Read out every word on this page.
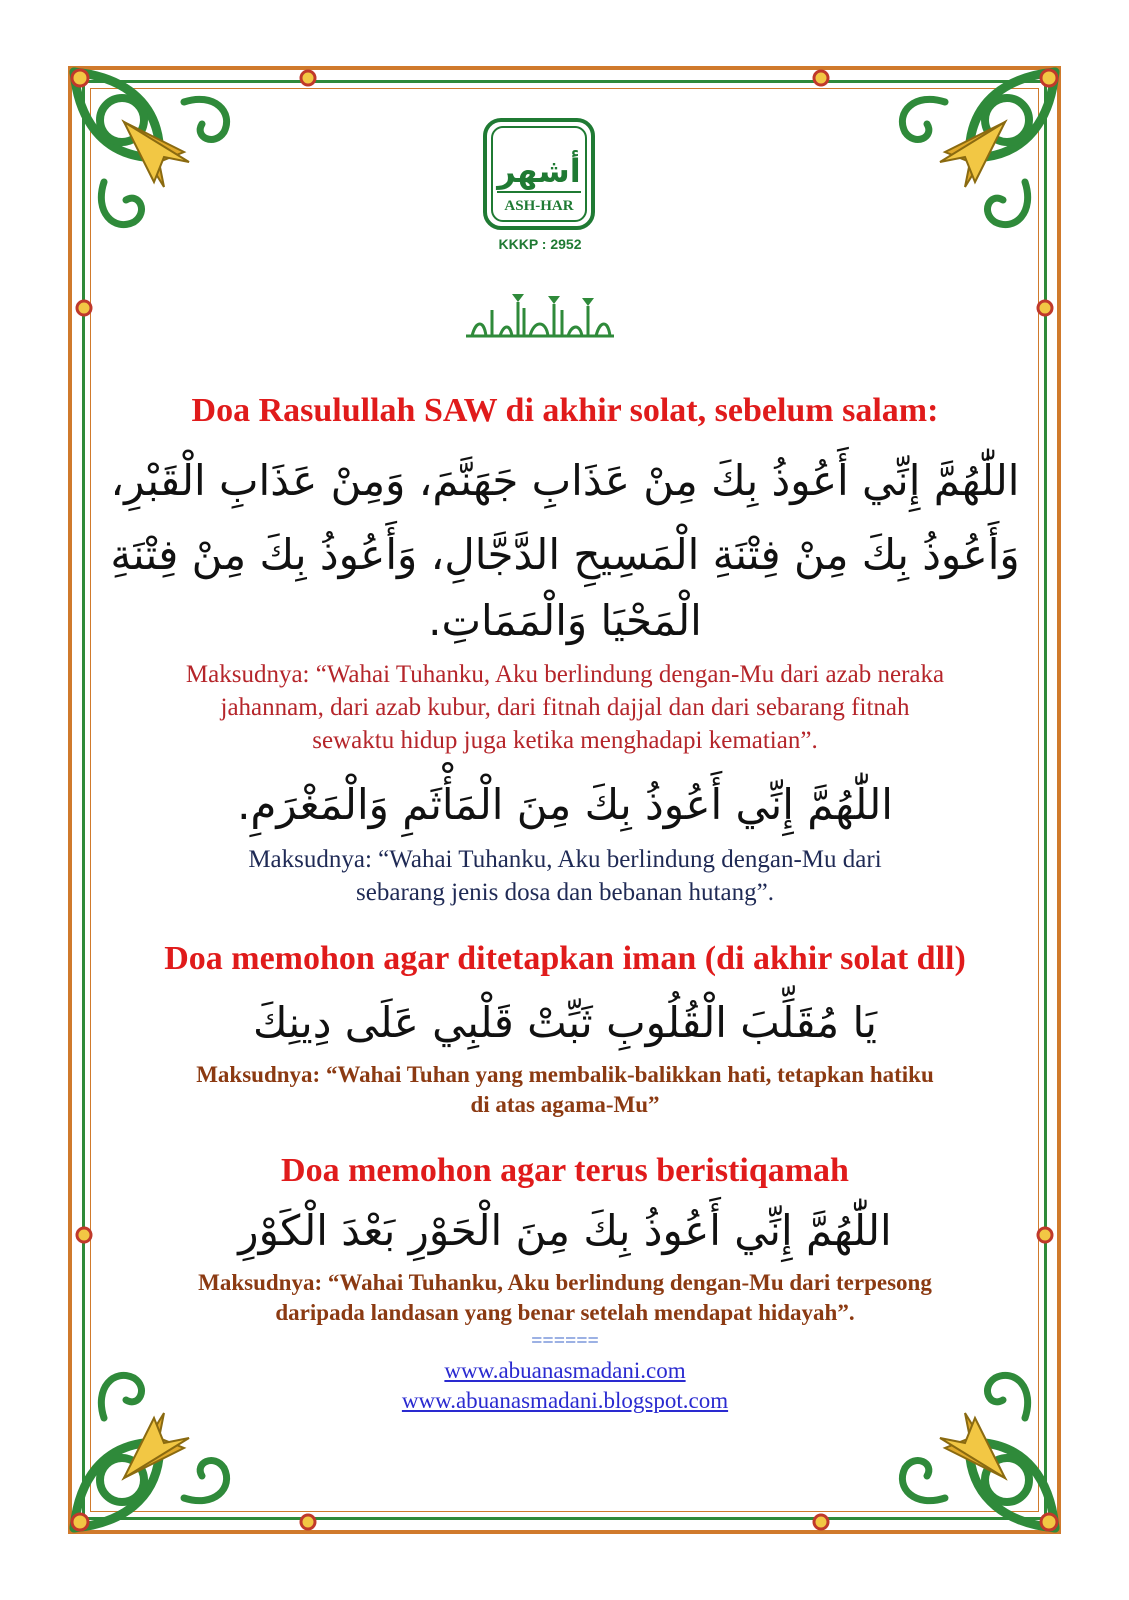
أشهر
ASH-HAR
KKKP : 2952
Doa Rasulullah SAW di akhir solat, sebelum salam:
اللّٰهُمَّ إِنِّي أَعُوذُ بِكَ مِنْ عَذَابِ جَهَنَّمَ، وَمِنْ عَذَابِ الْقَبْرِ،
وَأَعُوذُ بِكَ مِنْ فِتْنَةِ الْمَسِيحِ الدَّجَّالِ، وَأَعُوذُ بِكَ مِنْ فِتْنَةِ
الْمَحْيَا وَالْمَمَاتِ.
Maksudnya: “Wahai Tuhanku, Aku berlindung dengan-Mu dari azab neraka
jahannam, dari azab kubur, dari fitnah dajjal dan dari sebarang fitnah
sewaktu hidup juga ketika menghadapi kematian”.
اللّٰهُمَّ إِنِّي أَعُوذُ بِكَ مِنَ الْمَأْثَمِ وَالْمَغْرَمِ.
Maksudnya: “Wahai Tuhanku, Aku berlindung dengan-Mu dari
sebarang jenis dosa dan bebanan hutang”.
Doa memohon agar ditetapkan iman (di akhir solat dll)
يَا مُقَلِّبَ الْقُلُوبِ ثَبِّتْ قَلْبِي عَلَى دِينِكَ
Maksudnya: “Wahai Tuhan yang membalik-balikkan hati, tetapkan hatiku
di atas agama-Mu”
Doa memohon agar terus beristiqamah
اللّٰهُمَّ إِنِّي أَعُوذُ بِكَ مِنَ الْحَوْرِ بَعْدَ الْكَوْرِ
Maksudnya: “Wahai Tuhanku, Aku berlindung dengan-Mu dari terpesong
daripada landasan yang benar setelah mendapat hidayah”.
======
www.abuanasmadani.com
www.abuanasmadani.blogspot.com
